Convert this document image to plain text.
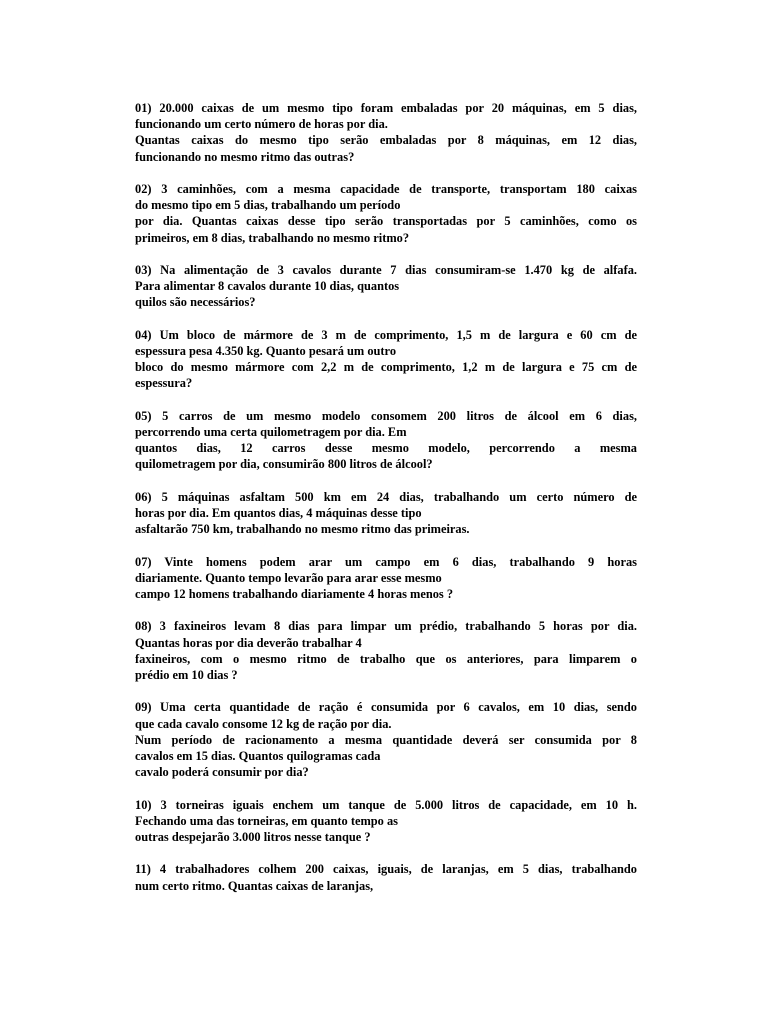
01) 20.000 caixas de um mesmo tipo foram embaladas por 20 máquinas, em 5 dias,
funcionando um certo número de horas por dia.
Quantas caixas do mesmo tipo serão embaladas por 8 máquinas, em 12 dias,
funcionando no mesmo ritmo das outras?
02) 3 caminhões, com a mesma capacidade de transporte, transportam 180 caixas
do mesmo tipo em 5 dias, trabalhando um período
por dia. Quantas caixas desse tipo serão transportadas por 5 caminhões, como os
primeiros, em 8 dias, trabalhando no mesmo ritmo?
03) Na alimentação de 3 cavalos durante 7 dias consumiram-se 1.470 kg de alfafa.
Para alimentar 8 cavalos durante 10 dias, quantos
quilos são necessários?
04) Um bloco de mármore de 3 m de comprimento, 1,5 m de largura e 60 cm de
espessura pesa 4.350 kg. Quanto pesará um outro
bloco do mesmo mármore com 2,2 m de comprimento, 1,2 m de largura e 75 cm de
espessura?
05) 5 carros de um mesmo modelo consomem 200 litros de álcool em 6 dias,
percorrendo uma certa quilometragem por dia. Em
quantos dias, 12 carros desse mesmo modelo, percorrendo a mesma
quilometragem por dia, consumirão 800 litros de álcool?
06) 5 máquinas asfaltam 500 km em 24 dias, trabalhando um certo número de
horas por dia. Em quantos dias, 4 máquinas desse tipo
asfaltarão 750 km, trabalhando no mesmo ritmo das primeiras.
07) Vinte homens podem arar um campo em 6 dias, trabalhando 9 horas
diariamente. Quanto tempo levarão para arar esse mesmo
campo 12 homens trabalhando diariamente 4 horas menos ?
08) 3 faxineiros levam 8 dias para limpar um prédio, trabalhando 5 horas por dia.
Quantas horas por dia deverão trabalhar 4
faxineiros, com o mesmo ritmo de trabalho que os anteriores, para limparem o
prédio em 10 dias ?
09) Uma certa quantidade de ração é consumida por 6 cavalos, em 10 dias, sendo
que cada cavalo consome 12 kg de ração por dia.
Num período de racionamento a mesma quantidade deverá ser consumida por 8
cavalos em 15 dias. Quantos quilogramas cada
cavalo poderá consumir por dia?
10) 3 torneiras iguais enchem um tanque de 5.000 litros de capacidade, em 10 h.
Fechando uma das torneiras, em quanto tempo as
outras despejarão 3.000 litros nesse tanque ?
11) 4 trabalhadores colhem 200 caixas, iguais, de laranjas, em 5 dias, trabalhando
num certo ritmo. Quantas caixas de laranjas,
